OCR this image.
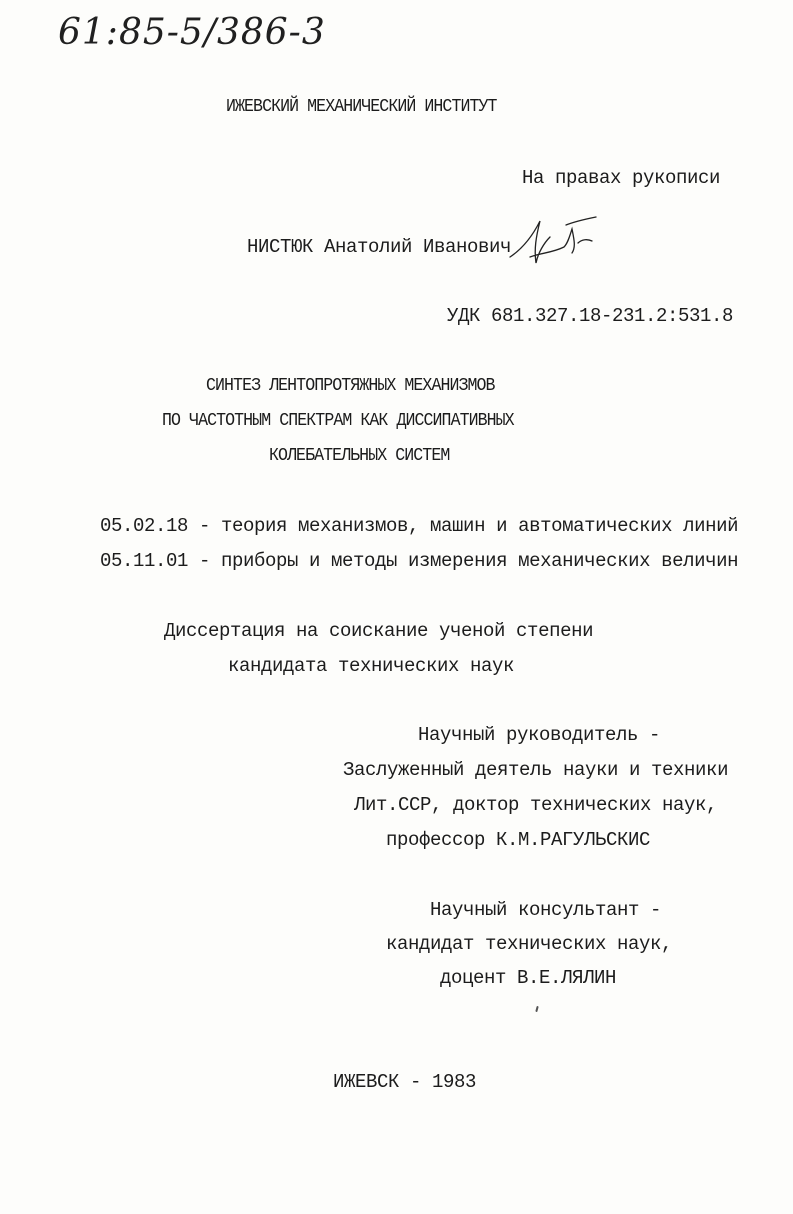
61:85-5/386-3
ИЖЕВСКИЙ МЕХАНИЧЕСКИЙ ИНСТИТУТ
На правах рукописи
НИСТЮК Анатолий Иванович
УДК 681.327.18-231.2:531.8
СИНТЕЗ ЛЕНТОПРОТЯЖНЫХ МЕХАНИЗМОВ
ПО ЧАСТОТНЫМ СПЕКТРАМ КАК ДИССИПАТИВНЫХ
КОЛЕБАТЕЛЬНЫХ СИСТЕМ
05.02.18 - теория механизмов, машин и автоматических линий
05.11.01 - приборы и методы измерения механических величин
Диссертация на соискание ученой степени
кандидата технических наук
Научный руководитель -
Заслуженный деятель науки и техники
Лит.ССР, доктор технических наук,
профессор К.М.РАГУЛЬСКИС
Научный консультант -
кандидат технических наук,
доцент В.Е.ЛЯЛИН
ИЖЕВСК - 1983
